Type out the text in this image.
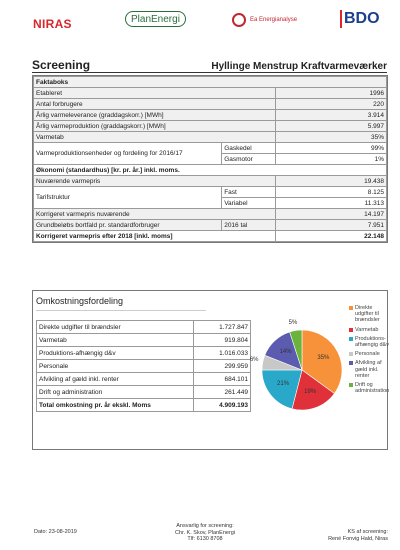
NIRAS	PlanEnergi	Ea Energianalyse	BDO
Screening	Hyllinge Menstrup Kraftvarmeværker
Faktaboks		
Etableret		1996
Antal forbrugere		220
Årlig varmeleverance (graddagskorr.) [MWh]		3.914
Årlig varmeproduktion (graddagskorr.) [MWh]		5.997
Varmetab		35%
Varmeproduktionsenheder og fordeling for 2016/17	Gaskedel	99%
	Gasmotor	1%
Økonomi (standardhus) [kr. pr. år.] inkl. moms.		
Nuværende varmepris		19.438
Tarifstruktur	Fast	8.125
	Variabel	11.313
Korrigeret varmepris nuværende		14.197
Grundbeløbs bortfald pr. standardforbruger	2016 tal	7.951
Korrigeret varmepris efter 2018 [inkl. moms]		22.148
Omkostningsfordeling
Direkte udgifter til brændsler	1.727.847
Varmetab	919.804
Produktions-afhængig d&v	1.016.033
Personale	299.959
Afvikling af gæld inkl. renter	684.101
Drift og administration	261.449
Total omkostning pr. år ekskl. Moms	4.909.193
35%
19%
21%
6%
14%
5%
Direkte udgifter til brændsler
Varmetab
Produktions-afhængig d&v
Personale
Afvikling af gæld inkl. renter
Drift og administration
Dato: 23-08-2019
Ansvarlig for screening:
Chr. K. Skov, PlanEnergi
Tlf: 6130 8708
KS af screening:
René Fonvig Hald, Niras
